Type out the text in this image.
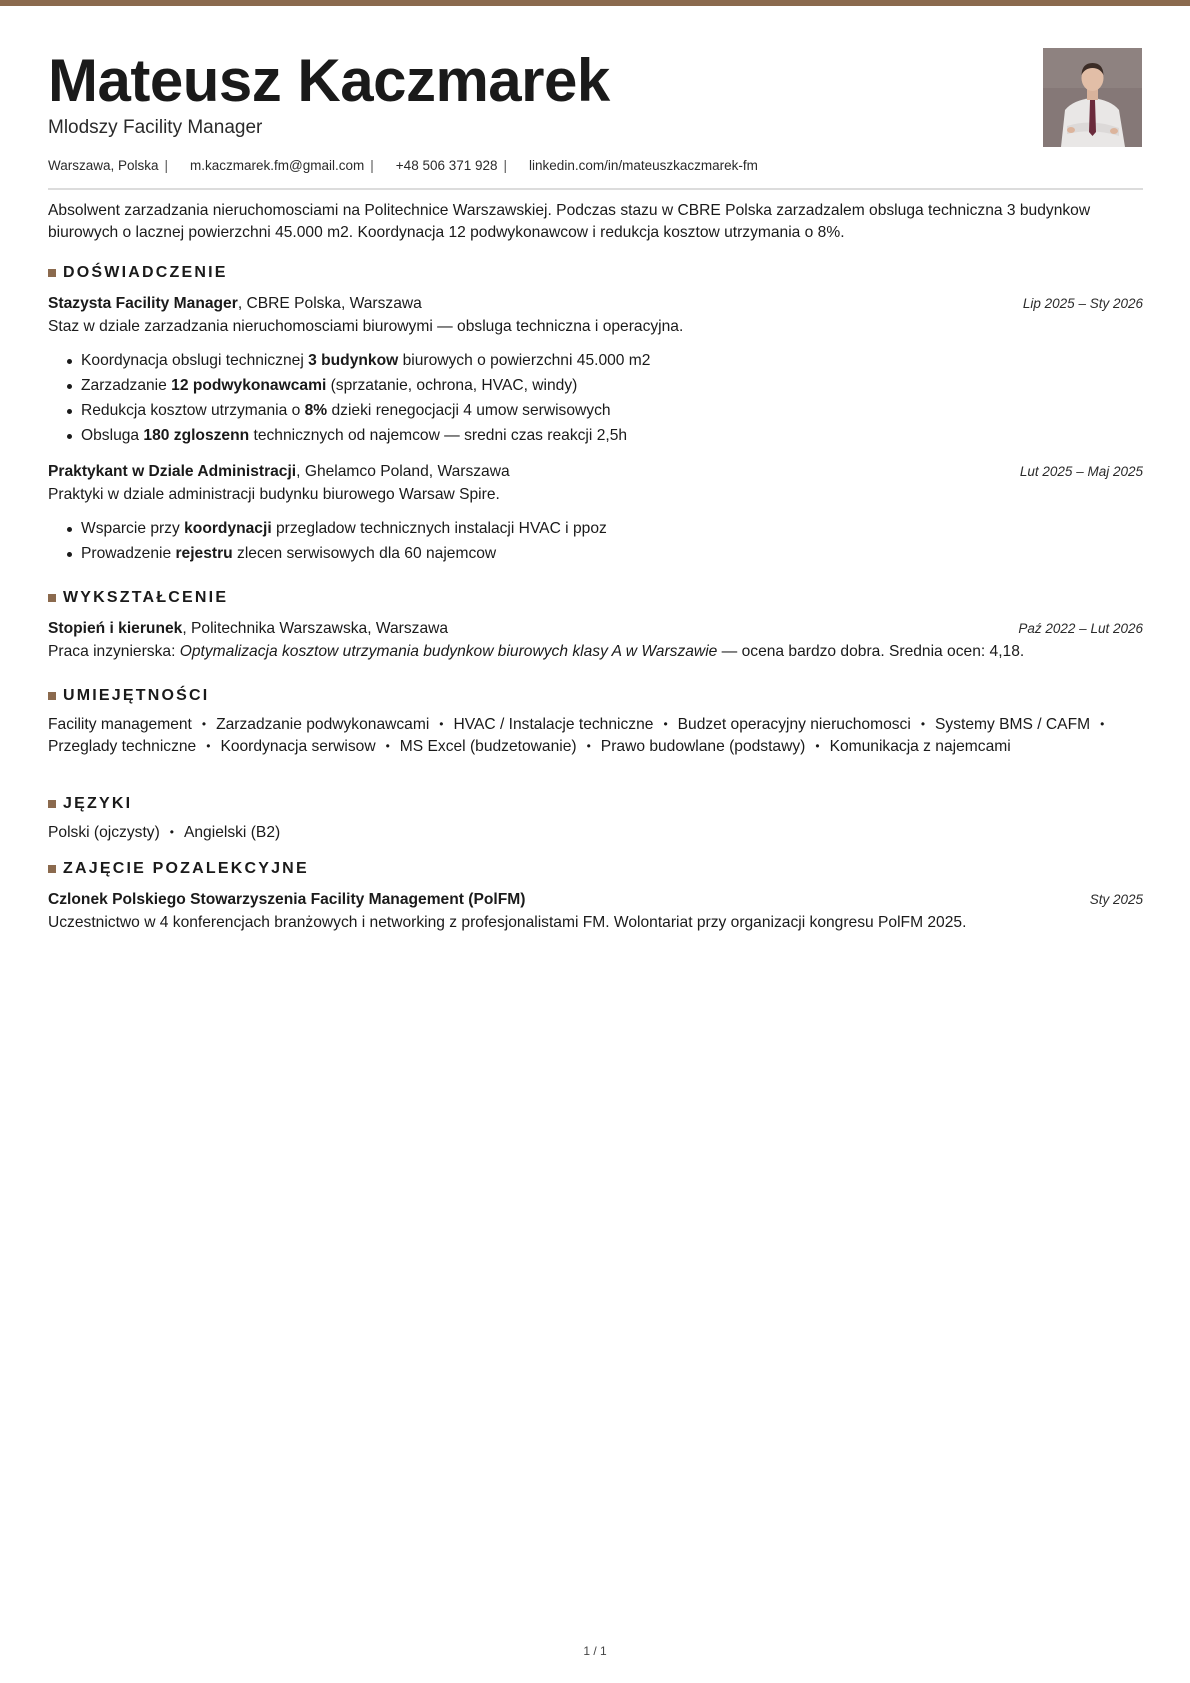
Mateusz Kaczmarek
Mlodszy Facility Manager
Warszawa, Polska | m.kaczmarek.fm@gmail.com | +48 506 371 928 | linkedin.com/in/mateuszkaczmarek-fm
Absolwent zarzadzania nieruchomosciami na Politechnice Warszawskiej. Podczas stazu w CBRE Polska zarzadzalem obsluga techniczna 3 budynkow biurowych o lacznej powierzchni 45.000 m2. Koordynacja 12 podwykonawcow i redukcja kosztow utrzymania o 8%.
DOŚWIADCZENIE
Stazysta Facility Manager, CBRE Polska, Warszawa	Lip 2025 – Sty 2026
Staz w dziale zarzadzania nieruchomosciami biurowymi — obsluga techniczna i operacyjna.
Koordynacja obslugi technicznej 3 budynkow biurowych o powierzchni 45.000 m2
Zarzadzanie 12 podwykonawcami (sprzatanie, ochrona, HVAC, windy)
Redukcja kosztow utrzymania o 8% dzieki renegocjacji 4 umow serwisowych
Obsluga 180 zgloszenn technicznych od najemcow — sredni czas reakcji 2,5h
Praktykant w Dziale Administracji, Ghelamco Poland, Warszawa	Lut 2025 – Maj 2025
Praktyki w dziale administracji budynku biurowego Warsaw Spire.
Wsparcie przy koordynacji przegladow technicznych instalacji HVAC i ppoz
Prowadzenie rejestru zlecen serwisowych dla 60 najemcow
WYKSZTAŁCENIE
Stopień i kierunek, Politechnika Warszawska, Warszawa	Paź 2022 – Lut 2026
Praca inzynierska: Optymalizacja kosztow utrzymania budynkow biurowych klasy A w Warszawie — ocena bardzo dobra. Srednia ocen: 4,18.
UMIEJĘTNOŚCI
Facility management • Zarzadzanie podwykonawcami • HVAC / Instalacje techniczne • Budzet operacyjny nieruchomosci • Systemy BMS / CAFM •Przeglady techniczne • Koordynacja serwisow • MS Excel (budzetowanie) • Prawo budowlane (podstawy) • Komunikacja z najemcami
JĘZYKI
Polski (ojczysty) • Angielski (B2)
ZAJĘCIE POZALEKCYJNE
Czlonek Polskiego Stowarzyszenia Facility Management (PolFM)	Sty 2025
Uczestnictwo w 4 konferencjach branżowych i networking z profesjonalistami FM. Wolontariat przy organizacji kongresu PolFM 2025.
1 / 1
